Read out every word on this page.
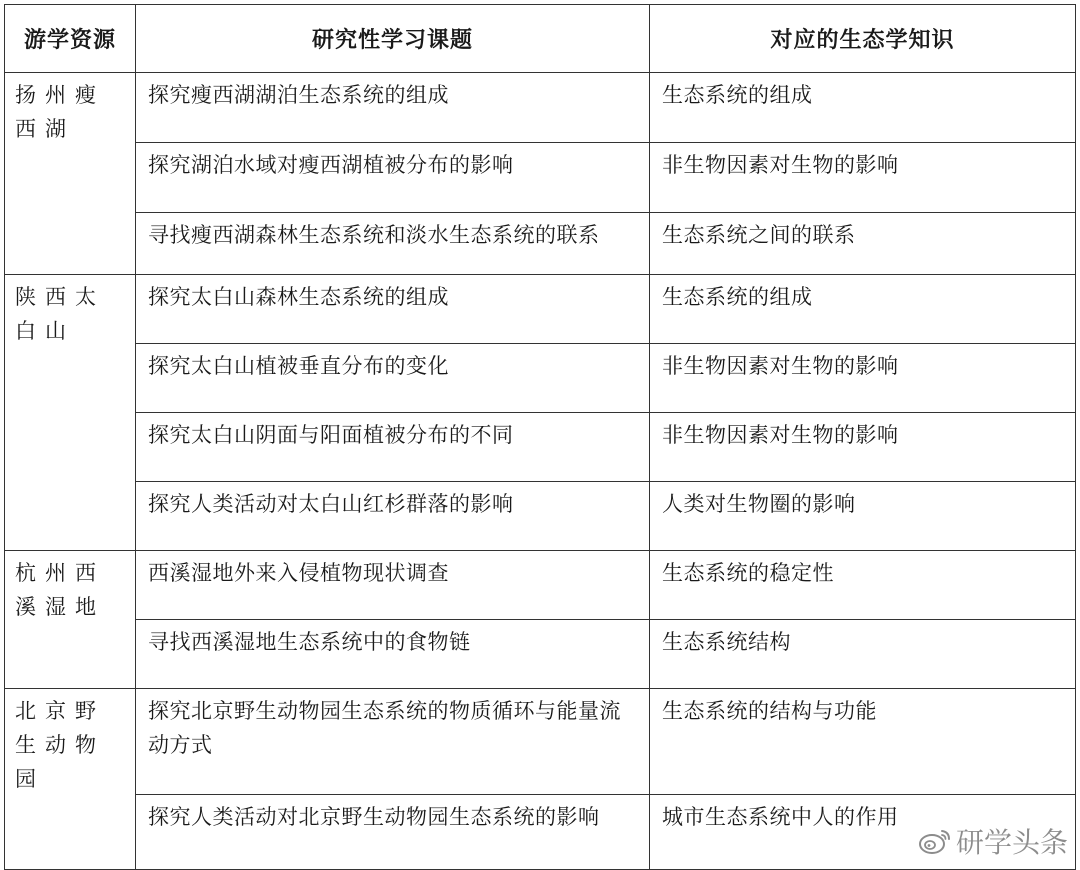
游学资源	研究性学习课题	对应的生态学知识

扬州瘦西湖	探究瘦西湖湖泊生态系统的组成	生态系统的组成

	探究湖泊水域对瘦西湖植被分布的影响	非生物因素对生物的影响

	寻找瘦西湖森林生态系统和淡水生态系统的联系	生态系统之间的联系

陕西太白山	探究太白山森林生态系统的组成	生态系统的组成

	探究太白山植被垂直分布的变化	非生物因素对生物的影响

	探究太白山阴面与阳面植被分布的不同	非生物因素对生物的影响

	探究人类活动对太白山红杉群落的影响	人类对生物圈的影响

杭州西溪湿地	西溪湿地外来入侵植物现状调查	生态系统的稳定性

	寻找西溪湿地生态系统中的食物链	生态系统结构

北京野生动物园	探究北京野生动物园生态系统的物质循环与能量流动方式	生态系统的结构与功能

	探究人类活动对北京野生动物园生态系统的影响	城市生态系统中人的作用
研学头条
